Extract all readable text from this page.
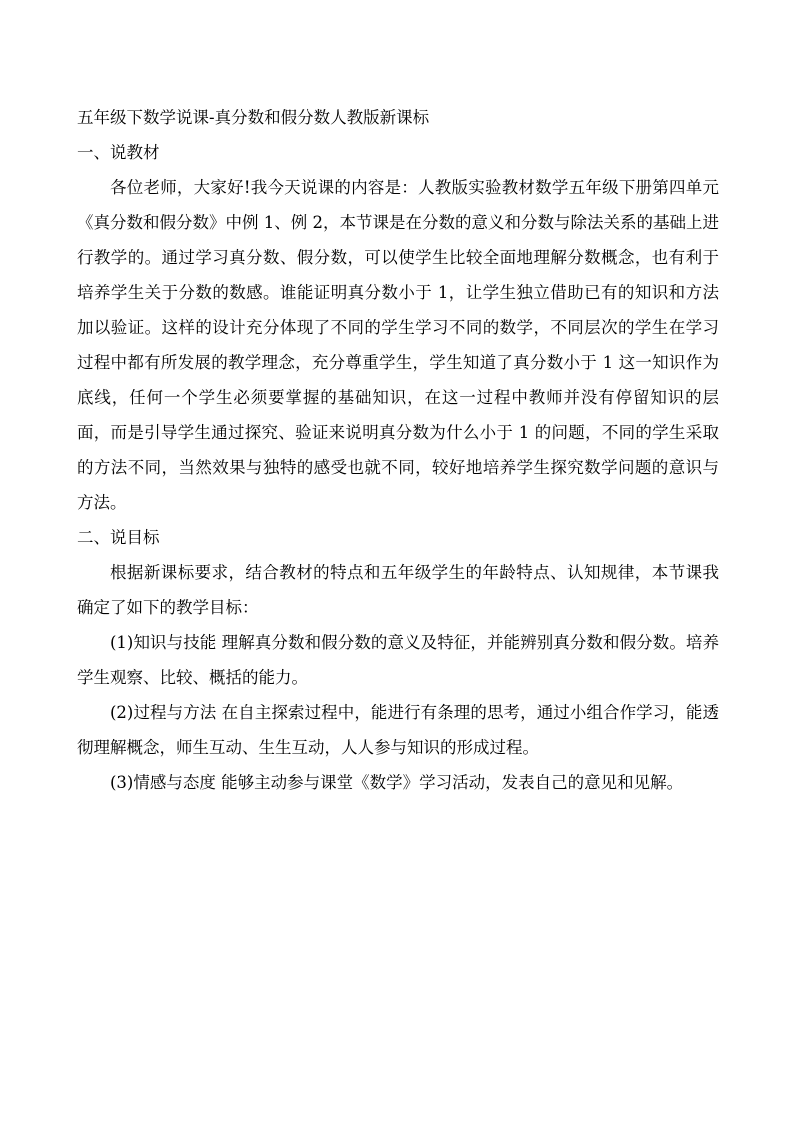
五年级下数学说课-真分数和假分数人教版新课标

一、说教材

各位老师，大家好!我今天说课的内容是：人教版实验教材数学五年级下册第四单元《真分数和假分数》中例 1、例 2，本节课是在分数的意义和分数与除法关系的基础上进行教学的。通过学习真分数、假分数，可以使学生比较全面地理解分数概念，也有利于培养学生关于分数的数感。谁能证明真分数小于 1，让学生独立借助已有的知识和方法加以验证。这样的设计充分体现了不同的学生学习不同的数学，不同层次的学生在学习过程中都有所发展的教学理念，充分尊重学生，学生知道了真分数小于 1 这一知识作为底线，任何一个学生必须要掌握的基础知识，在这一过程中教师并没有停留知识的层面，而是引导学生通过探究、验证来说明真分数为什么小于 1 的问题，不同的学生采取的方法不同，当然效果与独特的感受也就不同，较好地培养学生探究数学问题的意识与方法。

二、说目标

根据新课标要求，结合教材的特点和五年级学生的年龄特点、认知规律，本节课我确定了如下的教学目标：

(1)知识与技能 理解真分数和假分数的意义及特征，并能辨别真分数和假分数。培养学生观察、比较、概括的能力。

(2)过程与方法 在自主探索过程中，能进行有条理的思考，通过小组合作学习，能透彻理解概念，师生互动、生生互动，人人参与知识的形成过程。

(3)情感与态度 能够主动参与课堂《数学》学习活动，发表自己的意见和见解。
